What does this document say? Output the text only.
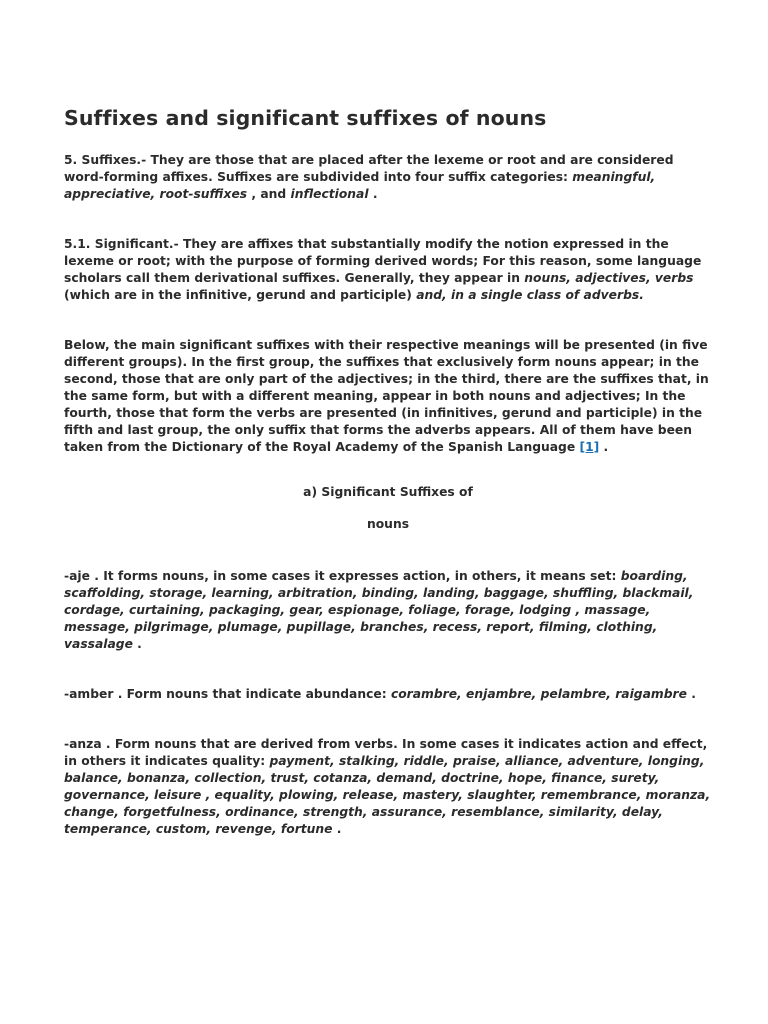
Suffixes and significant suffixes of nouns

5. Suffixes.- They are those that are placed after the lexeme or root and are considered word-forming affixes. Suffixes are subdivided into four suffix categories: meaningful, appreciative, root-suffixes , and inflectional .

5.1. Significant.- They are affixes that substantially modify the notion expressed in the lexeme or root; with the purpose of forming derived words; For this reason, some language scholars call them derivational suffixes. Generally, they appear in nouns, adjectives, verbs (which are in the infinitive, gerund and participle) and, in a single class of adverbs.

Below, the main significant suffixes with their respective meanings will be presented (in five different groups). In the first group, the suffixes that exclusively form nouns appear; in the second, those that are only part of the adjectives; in the third, there are the suffixes that, in the same form, but with a different meaning, appear in both nouns and adjectives; In the fourth, those that form the verbs are presented (in infinitives, gerund and participle) in the fifth and last group, the only suffix that forms the adverbs appears. All of them have been taken from the Dictionary of the Royal Academy of the Spanish Language [1] .

a) Significant Suffixes of

nouns

-aje . It forms nouns, in some cases it expresses action, in others, it means set: boarding, scaffolding, storage, learning, arbitration, binding, landing, baggage, shuffling, blackmail, cordage, curtaining, packaging, gear, espionage, foliage, forage, lodging , massage, message, pilgrimage, plumage, pupillage, branches, recess, report, filming, clothing, vassalage .

-amber . Form nouns that indicate abundance: corambre, enjambre, pelambre, raigambre .

-anza . Form nouns that are derived from verbs. In some cases it indicates action and effect, in others it indicates quality: payment, stalking, riddle, praise, alliance, adventure, longing, balance, bonanza, collection, trust, cotanza, demand, doctrine, hope, finance, surety, governance, leisure , equality, plowing, release, mastery, slaughter, remembrance, moranza, change, forgetfulness, ordinance, strength, assurance, resemblance, similarity, delay, temperance, custom, revenge, fortune .
